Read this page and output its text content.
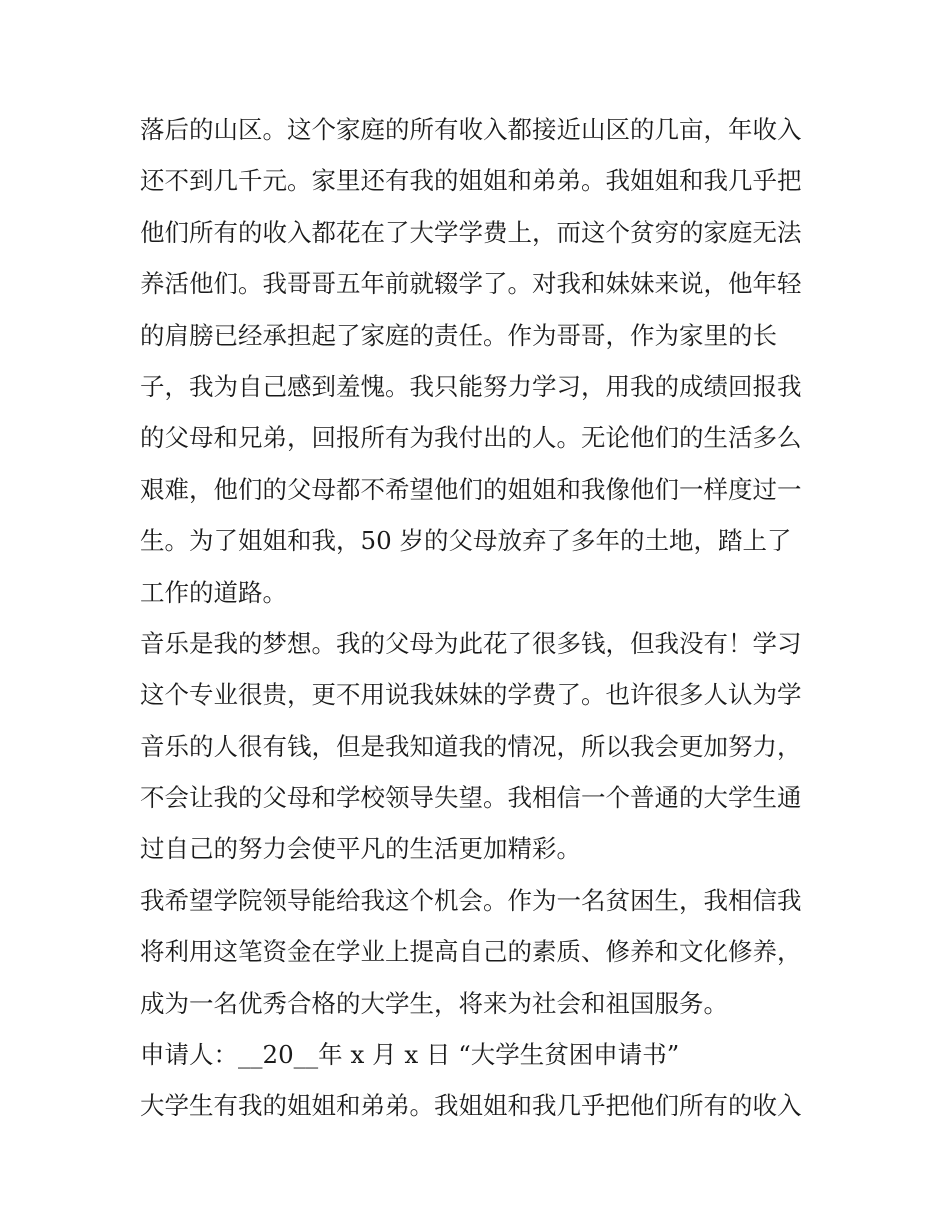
落后的山区。这个家庭的所有收入都接近山区的几亩，年收入
还不到几千元。家里还有我的姐姐和弟弟。我姐姐和我几乎把
他们所有的收入都花在了大学学费上，而这个贫穷的家庭无法
养活他们。我哥哥五年前就辍学了。对我和妹妹来说，他年轻
的肩膀已经承担起了家庭的责任。作为哥哥，作为家里的长
子，我为自己感到羞愧。我只能努力学习，用我的成绩回报我
的父母和兄弟，回报所有为我付出的人。无论他们的生活多么
艰难，他们的父母都不希望他们的姐姐和我像他们一样度过一
生。为了姐姐和我，50 岁的父母放弃了多年的土地，踏上了
工作的道路。
音乐是我的梦想。我的父母为此花了很多钱，但我没有！学习
这个专业很贵，更不用说我妹妹的学费了。也许很多人认为学
音乐的人很有钱，但是我知道我的情况，所以我会更加努力，
不会让我的父母和学校领导失望。我相信一个普通的大学生通
过自己的努力会使平凡的生活更加精彩。
我希望学院领导能给我这个机会。作为一名贫困生，我相信我
将利用这笔资金在学业上提高自己的素质、修养和文化修养，
成为一名优秀合格的大学生，将来为社会和祖国服务。
申请人：__20__年 x 月 x 日 “大学生贫困申请书”
大学生有我的姐姐和弟弟。我姐姐和我几乎把他们所有的收入
